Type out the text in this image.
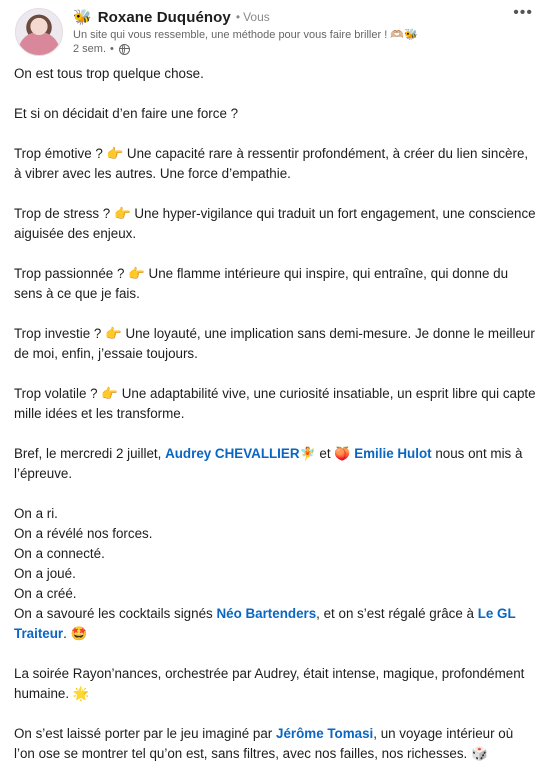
🐝 Roxane Duquénoy • Vous
Un site qui vous ressemble, une méthode pour vous faire briller ! 🫶🏼🐝
2 sem. •
•••

On est tous trop quelque chose.

Et si on décidait d’en faire une force ?

Trop émotive ? 👉 Une capacité rare à ressentir profondément, à créer du lien sincère, à vibrer avec les autres. Une force d’empathie.

Trop de stress ? 👉 Une hyper-vigilance qui traduit un fort engagement, une conscience aiguisée des enjeux.

Trop passionnée ? 👉 Une flamme intérieure qui inspire, qui entraîne, qui donne du sens à ce que je fais.

Trop investie ? 👉 Une loyauté, une implication sans demi-mesure. Je donne le meilleur de moi, enfin, j’essaie toujours.

Trop volatile ? 👉 Une adaptabilité vive, une curiosité insatiable, un esprit libre qui capte mille idées et les transforme.

Bref, le mercredi 2 juillet, Audrey CHEVALLIER🧚 et 🍑 Emilie Hulot nous ont mis à l’épreuve.

On a ri.

On a révélé nos forces.

On a connecté.

On a joué.

On a créé.

On a savouré les cocktails signés Néo Bartenders, et on s’est régalé grâce à Le GL Traiteur. 🤩

La soirée Rayon’nances, orchestrée par Audrey, était intense, magique, profondément humaine. 🌟

On s’est laissé porter par le jeu imaginé par Jérôme Tomasi, un voyage intérieur où l’on ose se montrer tel qu’on est, sans filtres, avec nos failles, nos richesses. 🎲
